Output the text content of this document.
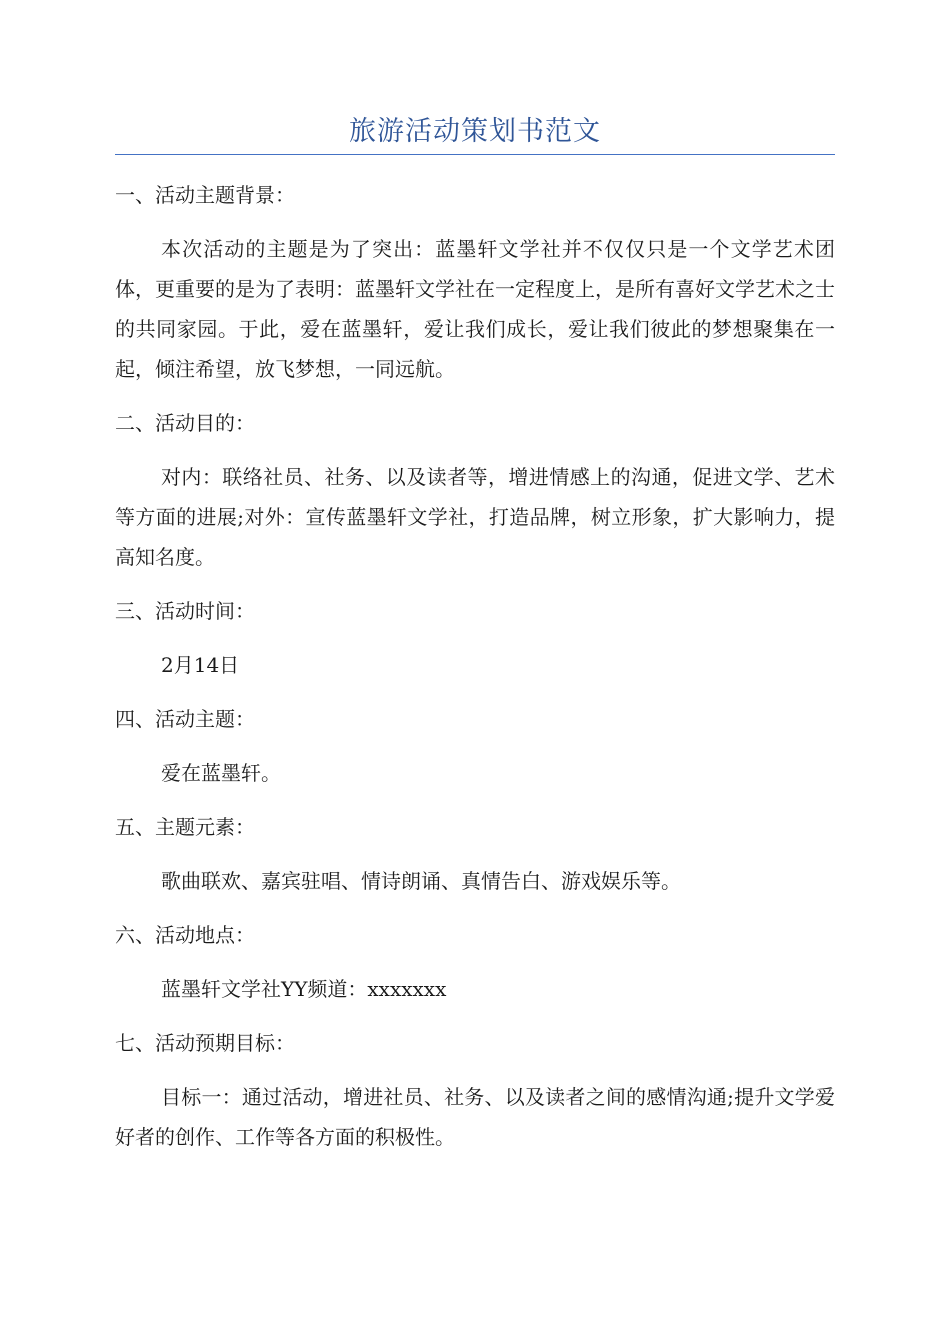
旅游活动策划书范文

一、活动主题背景：

本次活动的主题是为了突出：蓝墨轩文学社并不仅仅只是一个文学艺术团体，更重要的是为了表明：蓝墨轩文学社在一定程度上，是所有喜好文学艺术之士的共同家园。于此，爱在蓝墨轩，爱让我们成长，爱让我们彼此的梦想聚集在一起，倾注希望，放飞梦想，一同远航。

二、活动目的：

对内：联络社员、社务、以及读者等，增进情感上的沟通，促进文学、艺术等方面的进展;对外：宣传蓝墨轩文学社，打造品牌，树立形象，扩大影响力，提高知名度。

三、活动时间：

2月14日

四、活动主题：

爱在蓝墨轩。

五、主题元素：

歌曲联欢、嘉宾驻唱、情诗朗诵、真情告白、游戏娱乐等。

六、活动地点：

蓝墨轩文学社YY频道：xxxxxxx

七、活动预期目标：

目标一：通过活动，增进社员、社务、以及读者之间的感情沟通;提升文学爱好者的创作、工作等各方面的积极性。
